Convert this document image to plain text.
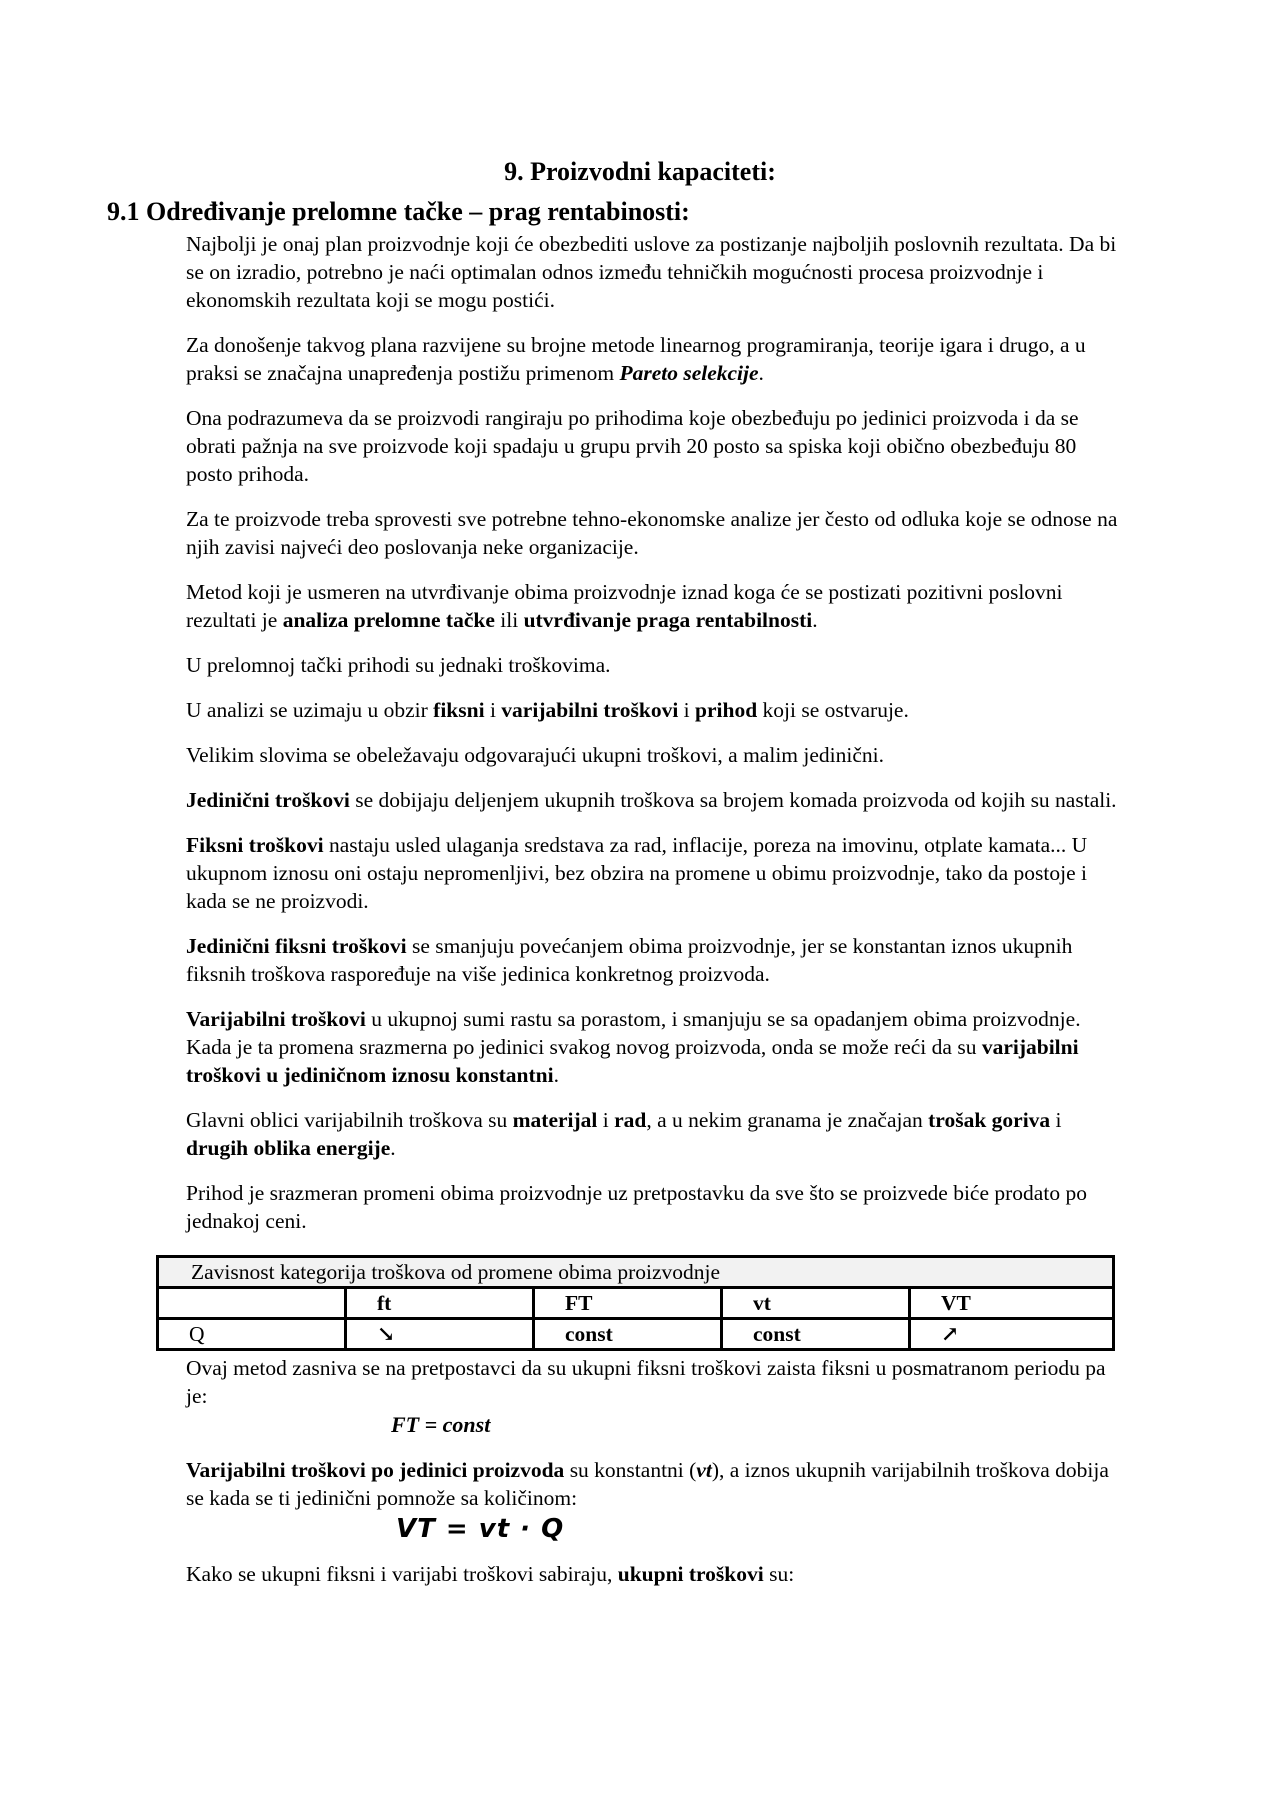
9. Proizvodni kapaciteti:
9.1 Određivanje prelomne tačke – prag rentabinosti:

Najbolji je onaj plan proizvodnje koji će obezbediti uslove za postizanje najboljih poslovnih rezultata. Da bi se on izradio, potrebno je naći optimalan odnos između tehničkih mogućnosti procesa proizvodnje i ekonomskih rezultata koji se mogu postići.

Za donošenje takvog plana razvijene su brojne metode linearnog programiranja, teorije igara i drugo, a u praksi se značajna unapređenja postižu primenom Pareto selekcije.

Ona podrazumeva da se proizvodi rangiraju po prihodima koje obezbeđuju po jedinici proizvoda i da se obrati pažnja na sve proizvode koji spadaju u grupu prvih 20 posto sa spiska koji obično obezbeđuju 80 posto prihoda.

Za te proizvode treba sprovesti sve potrebne tehno-ekonomske analize jer često od odluka koje se odnose na njih zavisi najveći deo poslovanja neke organizacije.

Metod koji je usmeren na utvrđivanje obima proizvodnje iznad koga će se postizati pozitivni poslovni rezultati je analiza prelomne tačke ili utvrđivanje praga rentabilnosti.

U prelomnoj tački prihodi su jednaki troškovima.

U analizi se uzimaju u obzir fiksni i varijabilni troškovi i prihod koji se ostvaruje.

Velikim slovima se obeležavaju odgovarajući ukupni troškovi, a malim jedinični.

Jedinični troškovi se dobijaju deljenjem ukupnih troškova sa brojem komada proizvoda od kojih su nastali.

Fiksni troškovi nastaju usled ulaganja sredstava za rad, inflacije, poreza na imovinu, otplate kamata... U ukupnom iznosu oni ostaju nepromenljivi, bez obzira na promene u obimu proizvodnje, tako da postoje i kada se ne proizvodi.

Jedinični fiksni troškovi se smanjuju povećanjem obima proizvodnje, jer se konstantan iznos ukupnih fiksnih troškova raspoređuje na više jedinica konkretnog proizvoda.

Varijabilni troškovi u ukupnoj sumi rastu sa porastom, i smanjuju se sa opadanjem obima proizvodnje. Kada je ta promena srazmerna po jedinici svakog novog proizvoda, onda se može reći da su varijabilni troškovi u jediničnom iznosu konstantni.

Glavni oblici varijabilnih troškova su materijal i rad, a u nekim granama je značajan trošak goriva i drugih oblika energije.

Prihod je srazmeran promeni obima proizvodnje uz pretpostavku da sve što se proizvede biće prodato po jednakoj ceni.

Zavisnost kategorija troškova od promene obima proizvodnje				
	ft	FT	vt	VT
Q	↘	const	const	↗

Ovaj metod zasniva se na pretpostavci da su ukupni fiksni troškovi zaista fiksni u posmatranom periodu pa je:

FT = const

Varijabilni troškovi po jedinici proizvoda su konstantni (vt), a iznos ukupnih varijabilnih troškova dobija se kada se ti jedinični pomnože sa količinom:

VT = vt · Q

Kako se ukupni fiksni i varijabi troškovi sabiraju, ukupni troškovi su:
